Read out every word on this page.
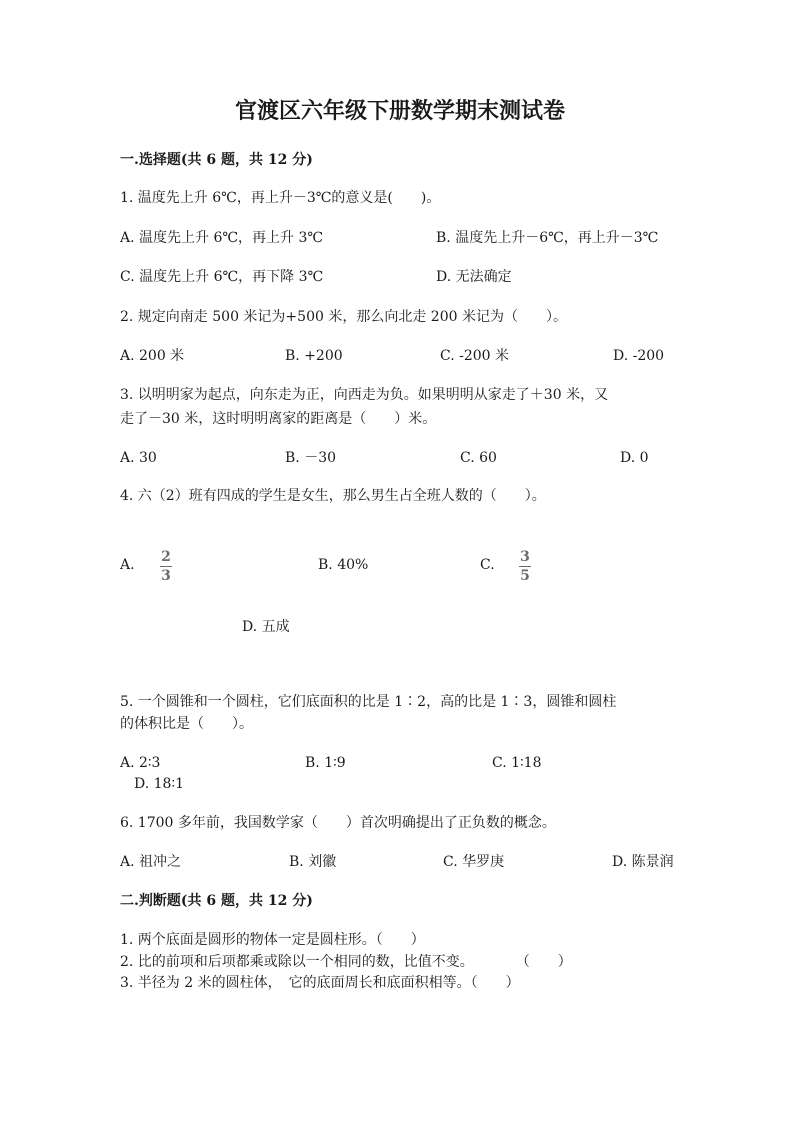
官渡区六年级下册数学期末测试卷
一.选择题(共 6 题，共 12 分)
1. 温度先上升 6℃，再上升－3℃的意义是(　　)。
A. 温度先上升 6℃，再上升 3℃	B. 温度先上升－6℃，再上升－3℃
C. 温度先上升 6℃，再下降 3℃	D. 无法确定
2. 规定向南走 500 米记为+500 米，那么向北走 200 米记为（　　）。
A. 200 米	B. +200	C. -200 米	D. -200
3. 以明明家为起点，向东走为正，向西走为负。如果明明从家走了＋30 米，又
走了－30 米，这时明明离家的距离是（　　）米。
A. 30	B. －30	C. 60	D. 0
4. 六（2）班有四成的学生是女生，那么男生占全班人数的（　　）。
A. 2
3
B. 40%	C. 3
5
D. 五成
5. 一个圆锥和一个圆柱，它们底面积的比是 1∶2，高的比是 1∶3，圆锥和圆柱
的体积比是（　　）。
A. 2∶3	B. 1∶9	C. 1∶18
D. 18∶1
6. 1700 多年前，我国数学家（　　）首次明确提出了正负数的概念。
A. 祖冲之	B. 刘徽	C. 华罗庚	D. 陈景润
二.判断题(共 6 题，共 12 分)
1. 两个底面是圆形的物体一定是圆柱形。（　　）
2. 比的前项和后项都乘或除以一个相同的数，比值不变。　　　　（　　）
3. 半径为 2 米的圆柱体，　它的底面周长和底面积相等。（　　）
